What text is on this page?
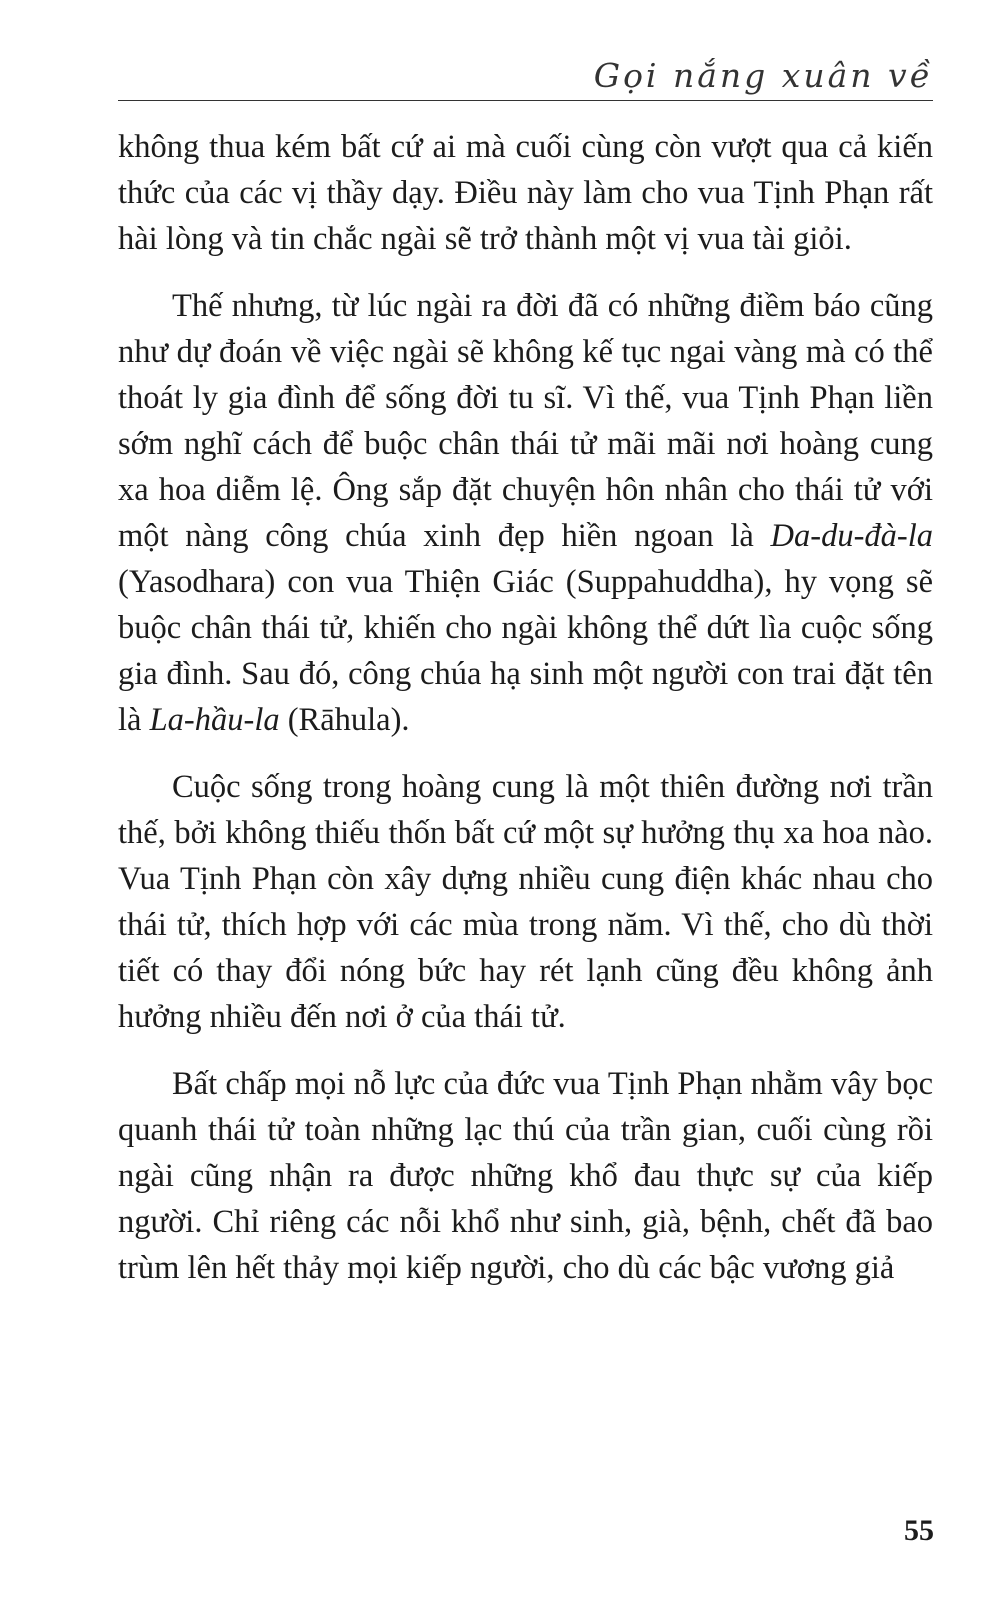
Gọi nắng xuân về

không thua kém bất cứ ai mà cuối cùng còn vượt qua cả kiến thức của các vị thầy dạy. Điều này làm cho vua Tịnh Phạn rất hài lòng và tin chắc ngài sẽ trở thành một vị vua tài giỏi.

Thế nhưng, từ lúc ngài ra đời đã có những điềm báo cũng như dự đoán về việc ngài sẽ không kế tục ngai vàng mà có thể thoát ly gia đình để sống đời tu sĩ. Vì thế, vua Tịnh Phạn liền sớm nghĩ cách để buộc chân thái tử mãi mãi nơi hoàng cung xa hoa diễm lệ. Ông sắp đặt chuyện hôn nhân cho thái tử với một nàng công chúa xinh đẹp hiền ngoan là Da-du-đà-la (Yasodhara) con vua Thiện Giác (Suppahuddha), hy vọng sẽ buộc chân thái tử, khiến cho ngài không thể dứt lìa cuộc sống gia đình. Sau đó, công chúa hạ sinh một người con trai đặt tên là La-hầu-la (Rāhula).

Cuộc sống trong hoàng cung là một thiên đường nơi trần thế, bởi không thiếu thốn bất cứ một sự hưởng thụ xa hoa nào. Vua Tịnh Phạn còn xây dựng nhiều cung điện khác nhau cho thái tử, thích hợp với các mùa trong năm. Vì thế, cho dù thời tiết có thay đổi nóng bức hay rét lạnh cũng đều không ảnh hưởng nhiều đến nơi ở của thái tử.

Bất chấp mọi nỗ lực của đức vua Tịnh Phạn nhằm vây bọc quanh thái tử toàn những lạc thú của trần gian, cuối cùng rồi ngài cũng nhận ra được những khổ đau thực sự của kiếp người. Chỉ riêng các nỗi khổ như sinh, già, bệnh, chết đã bao trùm lên hết thảy mọi kiếp người, cho dù các bậc vương giả

55
